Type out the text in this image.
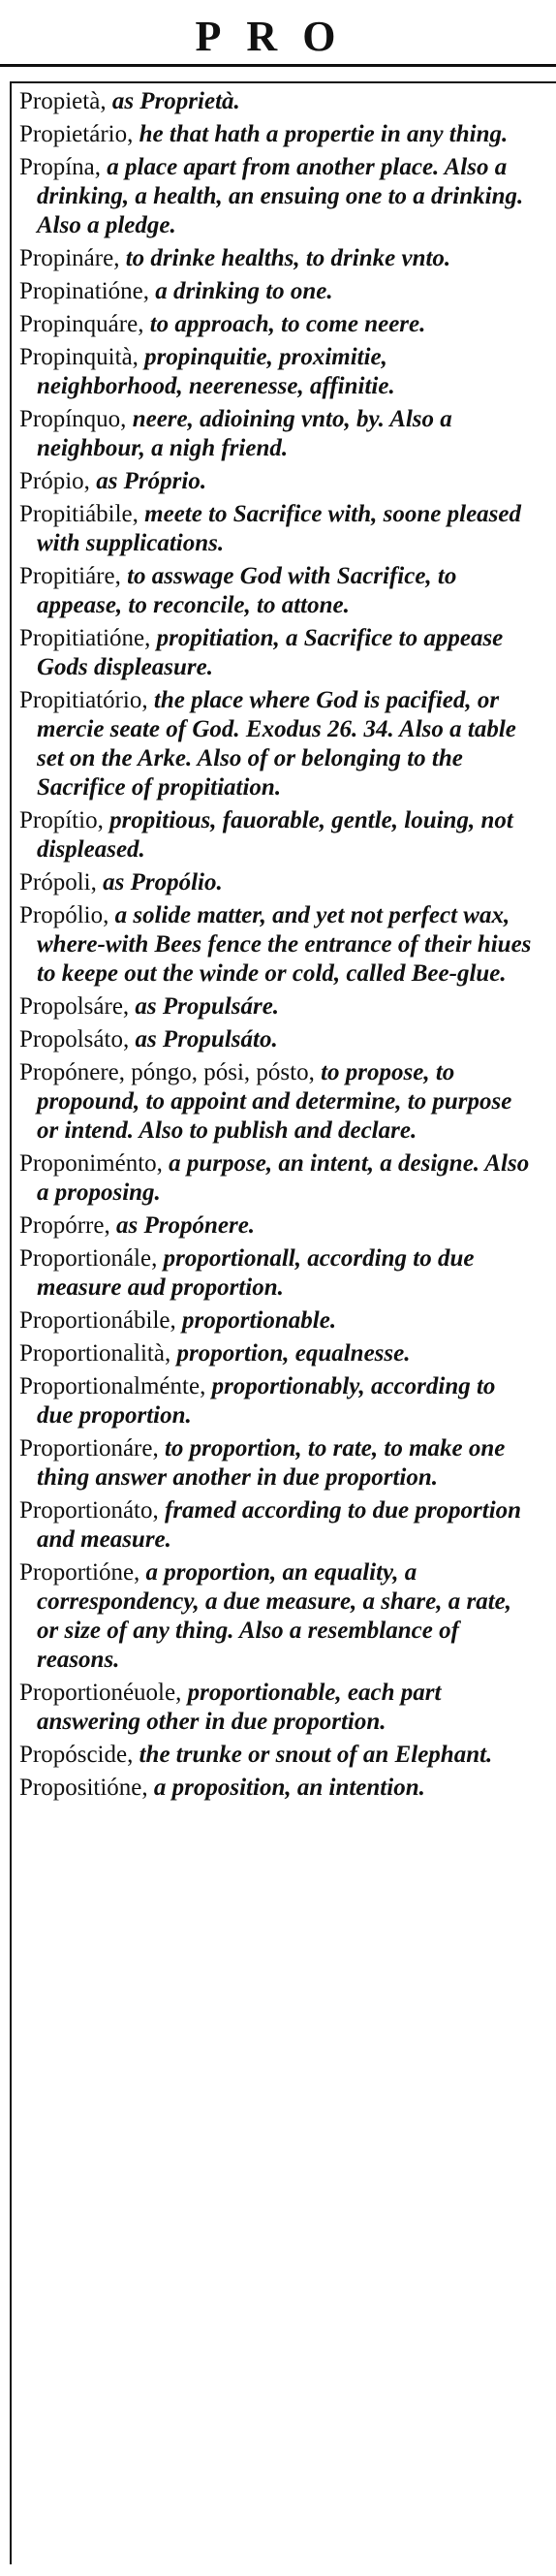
PRO

Propietà, as Proprietà.

Propietário, he that hath a propertie in any thing.

Propína, a place apart from another place. Also a drinking, a health, an ensuing one to a drinking. Also a pledge.

Propináre, to drinke healths, to drinke vnto.

Propinatióne, a drinking to one.

Propinquáre, to approach, to come neere.

Propinquità, propinquitie, proximitie, neighborhood, neerenesse, affinitie.

Propínquo, neere, adioining vnto, by. Also a neighbour, a nigh friend.

Própio, as Próprio.

Propitiábile, meete to Sacrifice with, soone pleased with supplications.

Propitiáre, to asswage God with Sacrifice, to appease, to reconcile, to attone.

Propitiatióne, propitiation, a Sacrifice to appease Gods displeasure.

Propitiatório, the place where God is pacified, or mercie seate of God. Exodus 26. 34. Also a table set on the Arke. Also of or belonging to the Sacrifice of propitiation.

Propítio, propitious, fauorable, gentle, louing, not displeased.

Própoli, as Propólio.

Propólio, a solide matter, and yet not perfect wax, where-with Bees fence the entrance of their hiues to keepe out the winde or cold, called Bee-glue.

Propolsáre, as Propulsáre.

Propolsáto, as Propulsáto.

Propónere, póngo, pósi, pósto, to propose, to propound, to appoint and determine, to purpose or intend. Also to publish and declare.

Proponiménto, a purpose, an intent, a designe. Also a proposing.

Propórre, as Propónere.

Proportionále, proportionall, according to due measure aud proportion.

Proportionábile, proportionable.

Proportionalità, proportion, equalnesse.

Proportionalménte, proportionably, according to due proportion.

Proportionáre, to proportion, to rate, to make one thing answer another in due proportion.

Proportionáto, framed according to due proportion and measure.

Proportióne, a proportion, an equality, a correspondency, a due measure, a share, a rate, or size of any thing. Also a resemblance of reasons.

Proportionéuole, proportionable, each part answering other in due proportion.

Propóscide, the trunke or snout of an Elephant.

Propositióne, a proposition, an intention.
